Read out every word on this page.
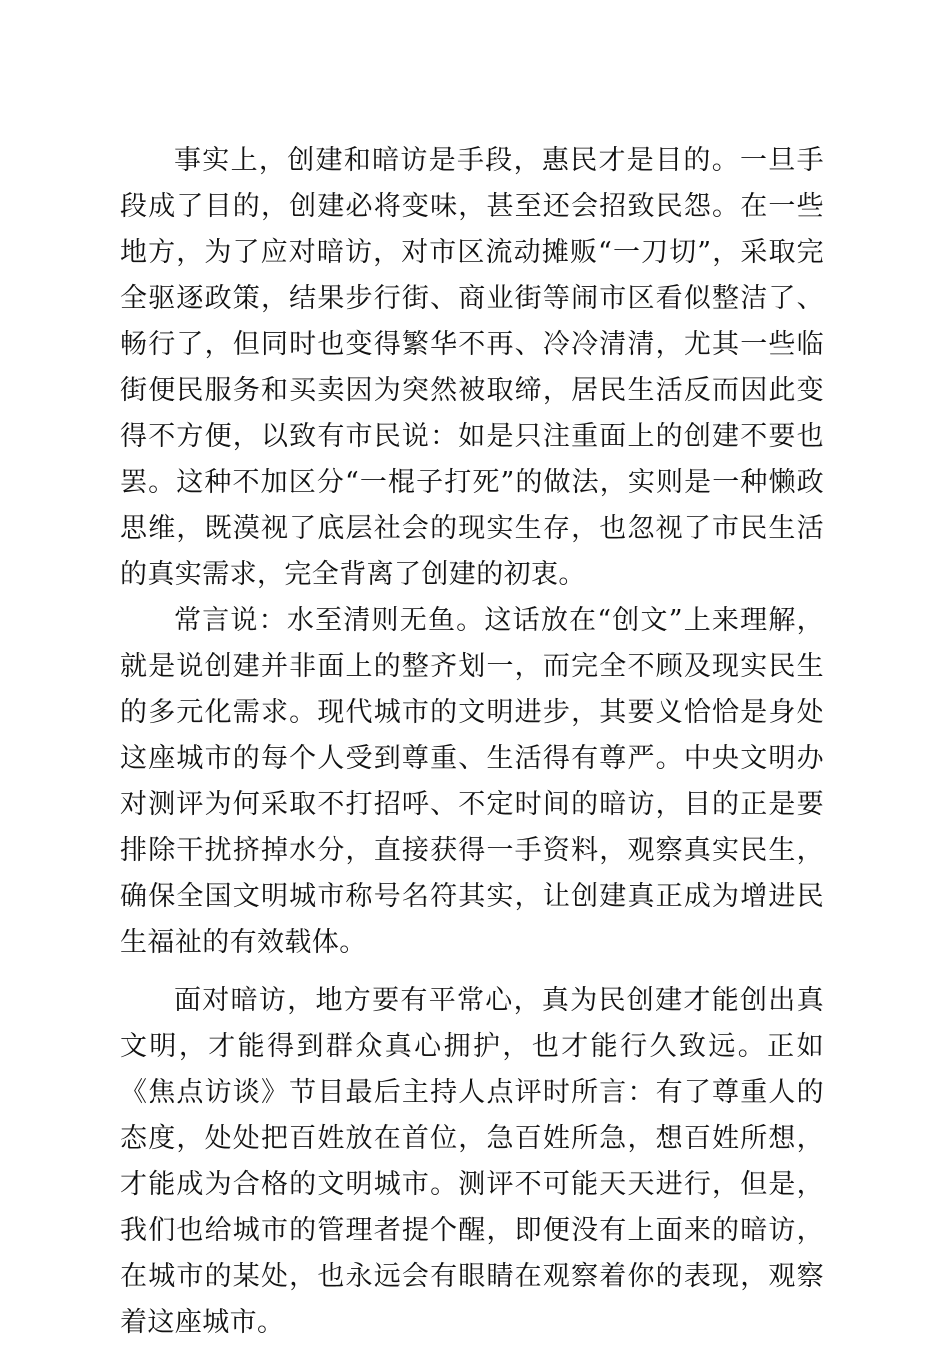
事实上，创建和暗访是手段，惠民才是目的。一旦手段成了目的，创建必将变味，甚至还会招致民怨。在一些地方，为了应对暗访，对市区流动摊贩“一刀切”，采取完全驱逐政策，结果步行街、商业街等闹市区看似整洁了、畅行了，但同时也变得繁华不再、冷冷清清，尤其一些临街便民服务和买卖因为突然被取缔，居民生活反而因此变得不方便，以致有市民说：如是只注重面上的创建不要也罢。这种不加区分“一棍子打死”的做法，实则是一种懒政思维，既漠视了底层社会的现实生存，也忽视了市民生活的真实需求，完全背离了创建的初衷。

常言说：水至清则无鱼。这话放在“创文”上来理解，就是说创建并非面上的整齐划一，而完全不顾及现实民生的多元化需求。现代城市的文明进步，其要义恰恰是身处这座城市的每个人受到尊重、生活得有尊严。中央文明办对测评为何采取不打招呼、不定时间的暗访，目的正是要排除干扰挤掉水分，直接获得一手资料，观察真实民生，确保全国文明城市称号名符其实，让创建真正成为增进民生福祉的有效载体。

面对暗访，地方要有平常心，真为民创建才能创出真文明，才能得到群众真心拥护，也才能行久致远。正如《焦点访谈》节目最后主持人点评时所言：有了尊重人的态度，处处把百姓放在首位，急百姓所急，想百姓所想，才能成为合格的文明城市。测评不可能天天进行，但是，我们也给城市的管理者提个醒，即便没有上面来的暗访，在城市的某处，也永远会有眼睛在观察着你的表现，观察着这座城市。
